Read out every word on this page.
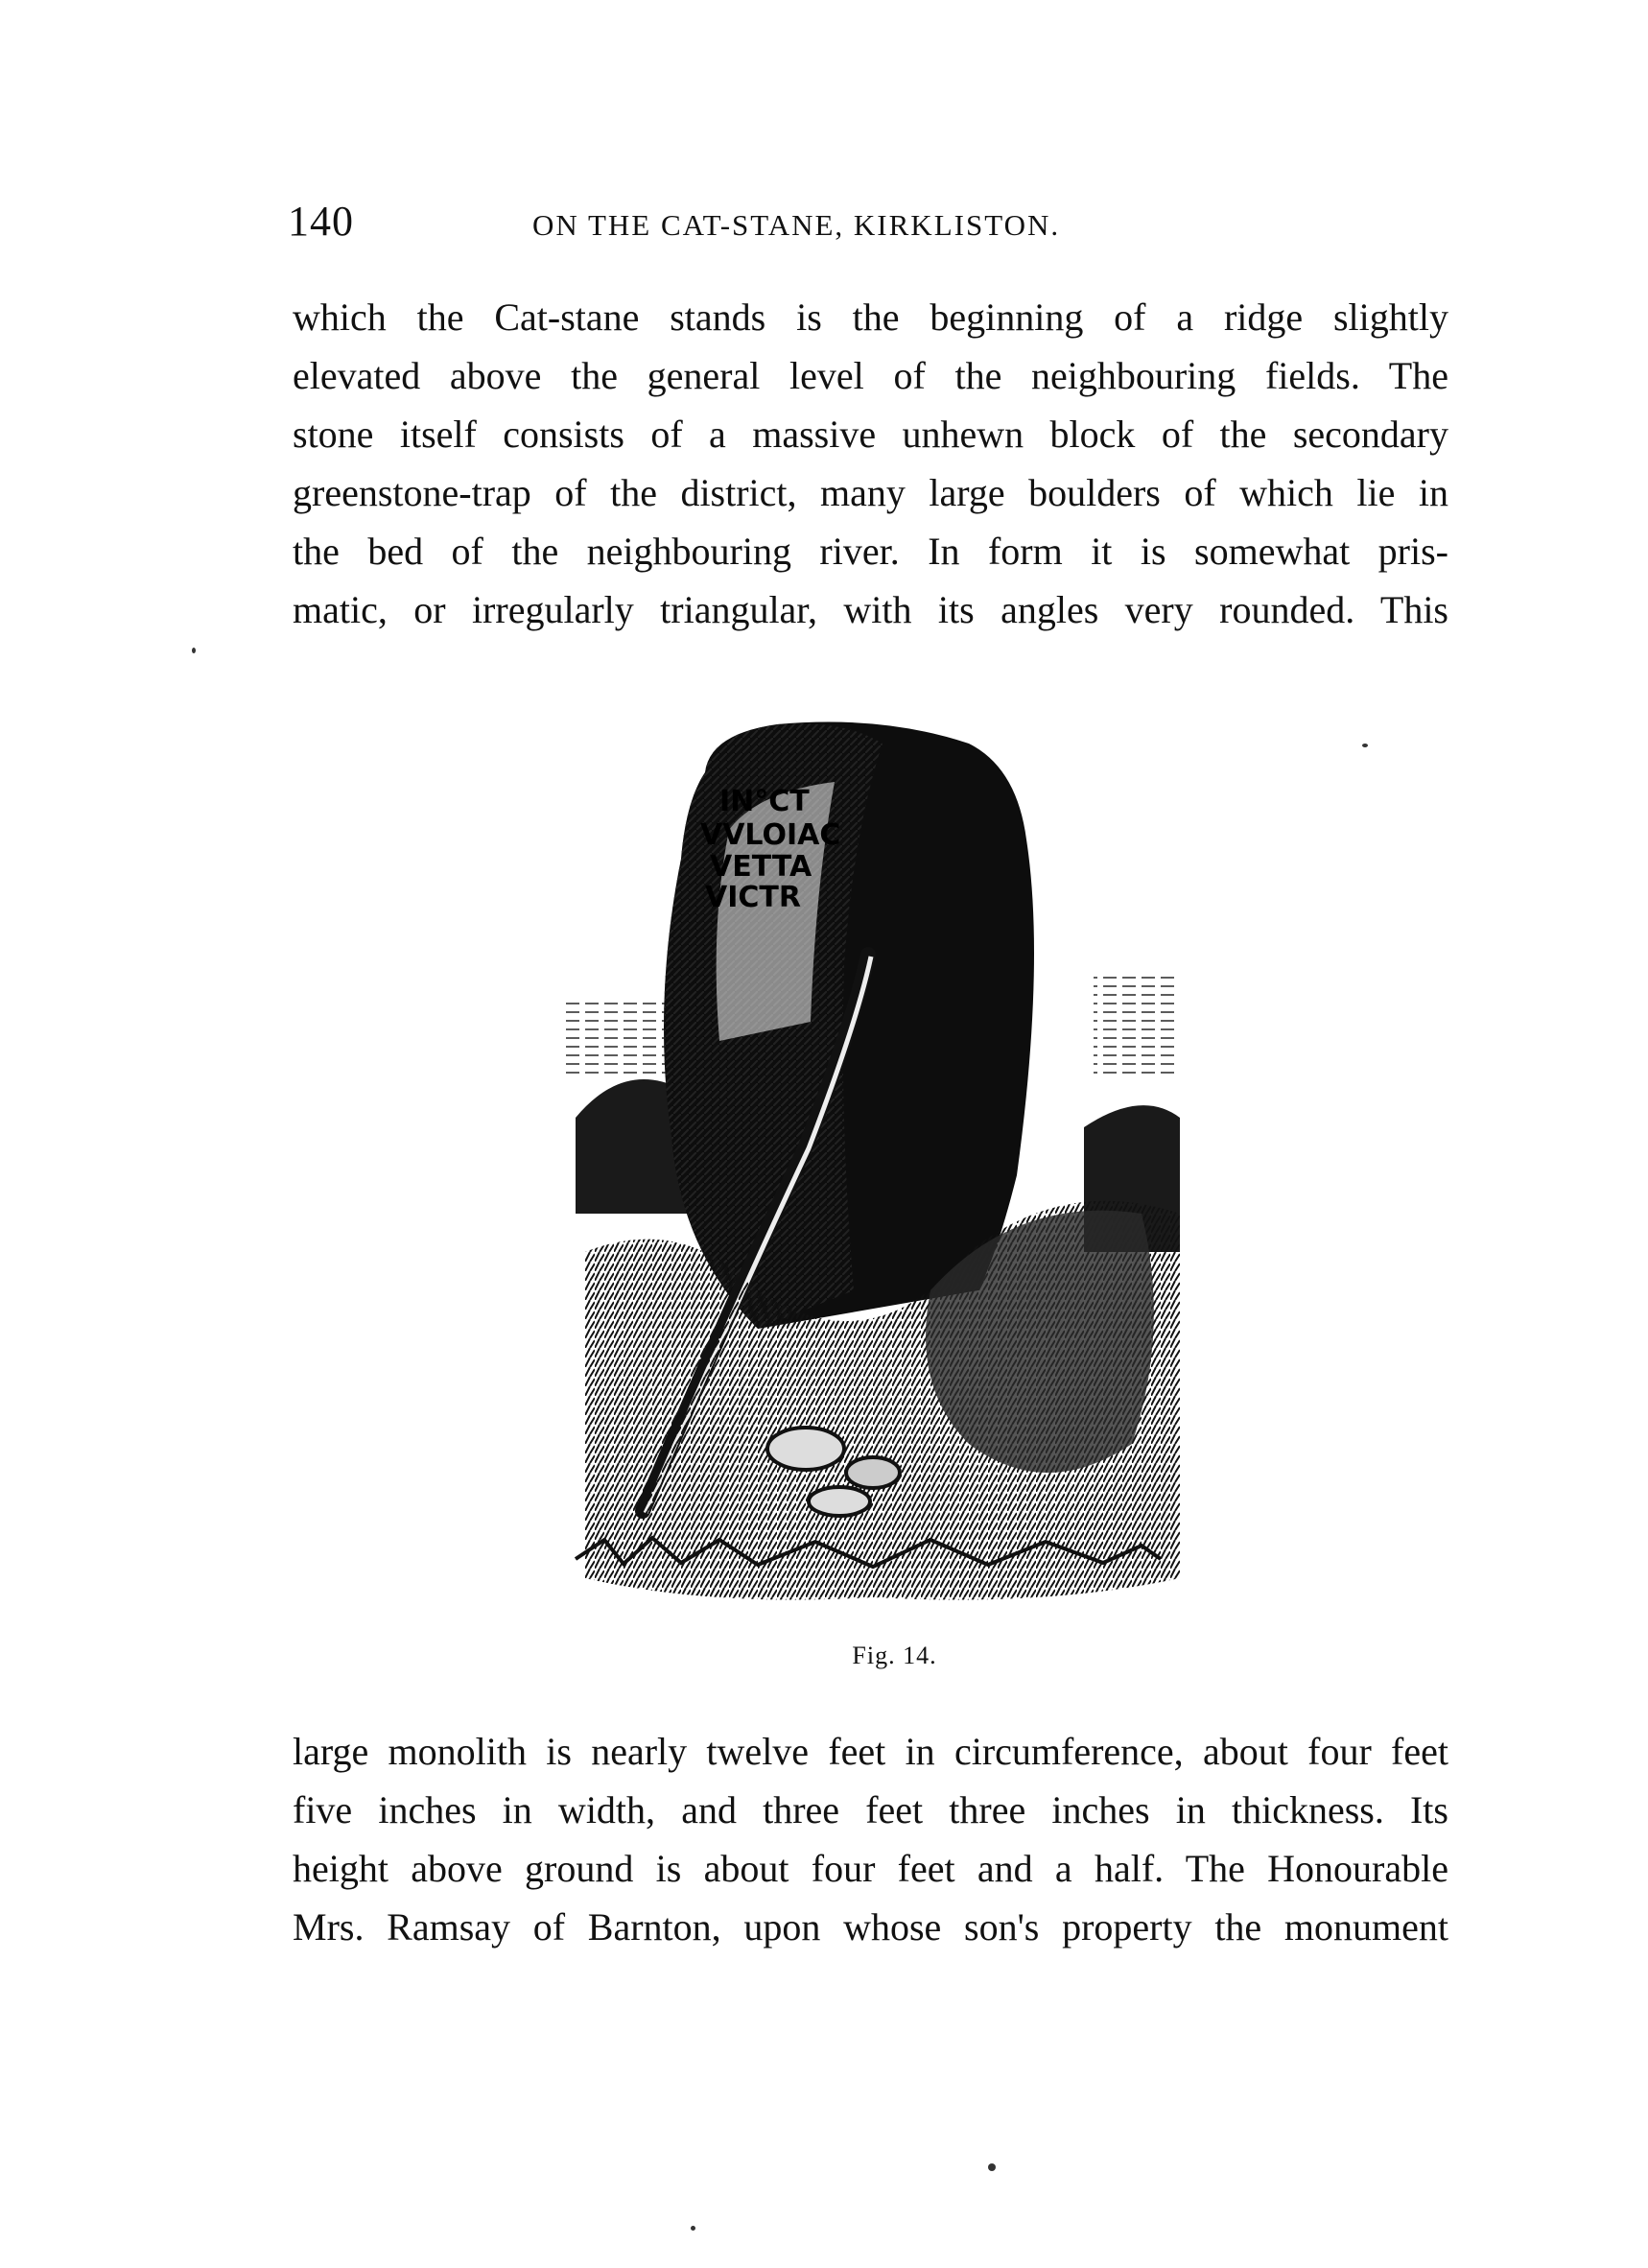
140	ON THE CAT-STANE, KIRKLISTON.
which the Cat-stane stands is the beginning of a ridge slightly
elevated above the general level of the neighbouring fields. The
stone itself consists of a massive unhewn block of the secondary
greenstone-trap of the district, many large boulders of which lie in
the bed of the neighbouring river. In form it is somewhat pris-
matic, or irregularly triangular, with its angles very rounded. This
IN°CT
VVLOIAC
VETTA
VICTR
Fig. 14.
large monolith is nearly twelve feet in circumference, about four feet
five inches in width, and three feet three inches in thickness. Its
height above ground is about four feet and a half. The Honourable
Mrs. Ramsay of Barnton, upon whose son's property the monument
